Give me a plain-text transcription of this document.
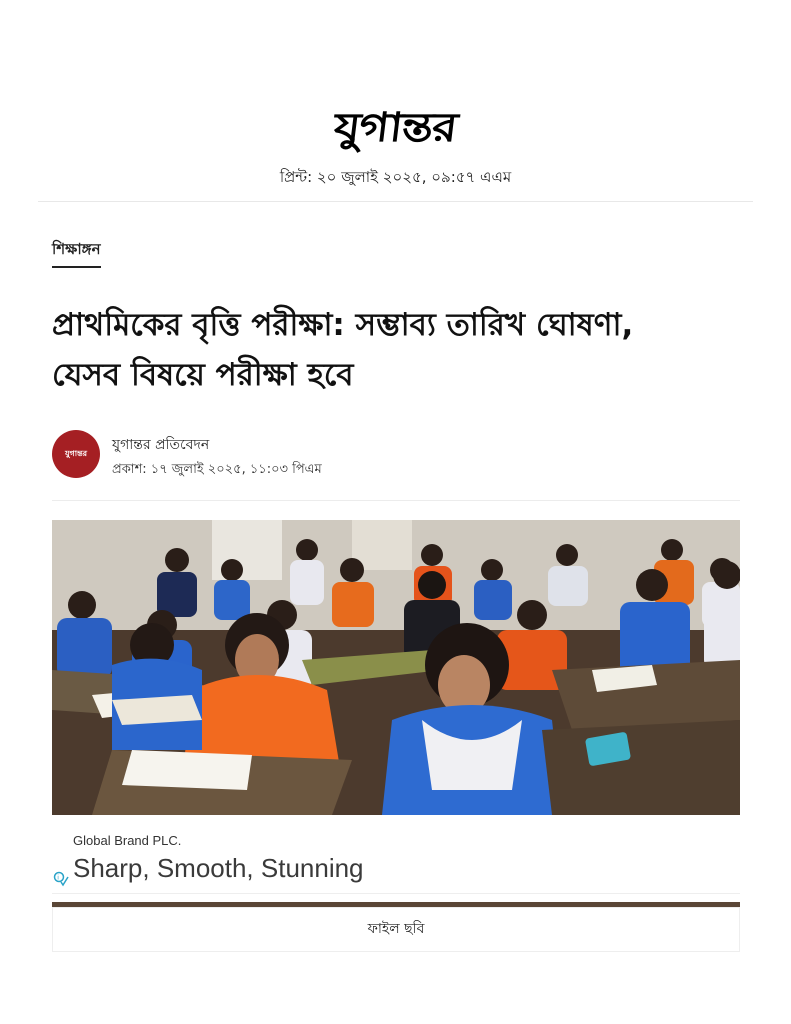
যুগান্তর
প্রিন্ট: ২০ জুলাই ২০২৫, ০৯:৫৭ এএম
শিক্ষাঙ্গন
প্রাথমিকের বৃত্তি পরীক্ষা: সম্ভাব্য তারিখ ঘোষণা, যেসব বিষয়ে পরীক্ষা হবে
যুগান্তর যুগান্তর প্রতিবেদন
প্রকাশ: ১৭ জুলাই ২০২৫, ১১:০৩ পিএম
Global Brand PLC.
Sharp, Smooth, Stunning
i
ফাইল ছবি
